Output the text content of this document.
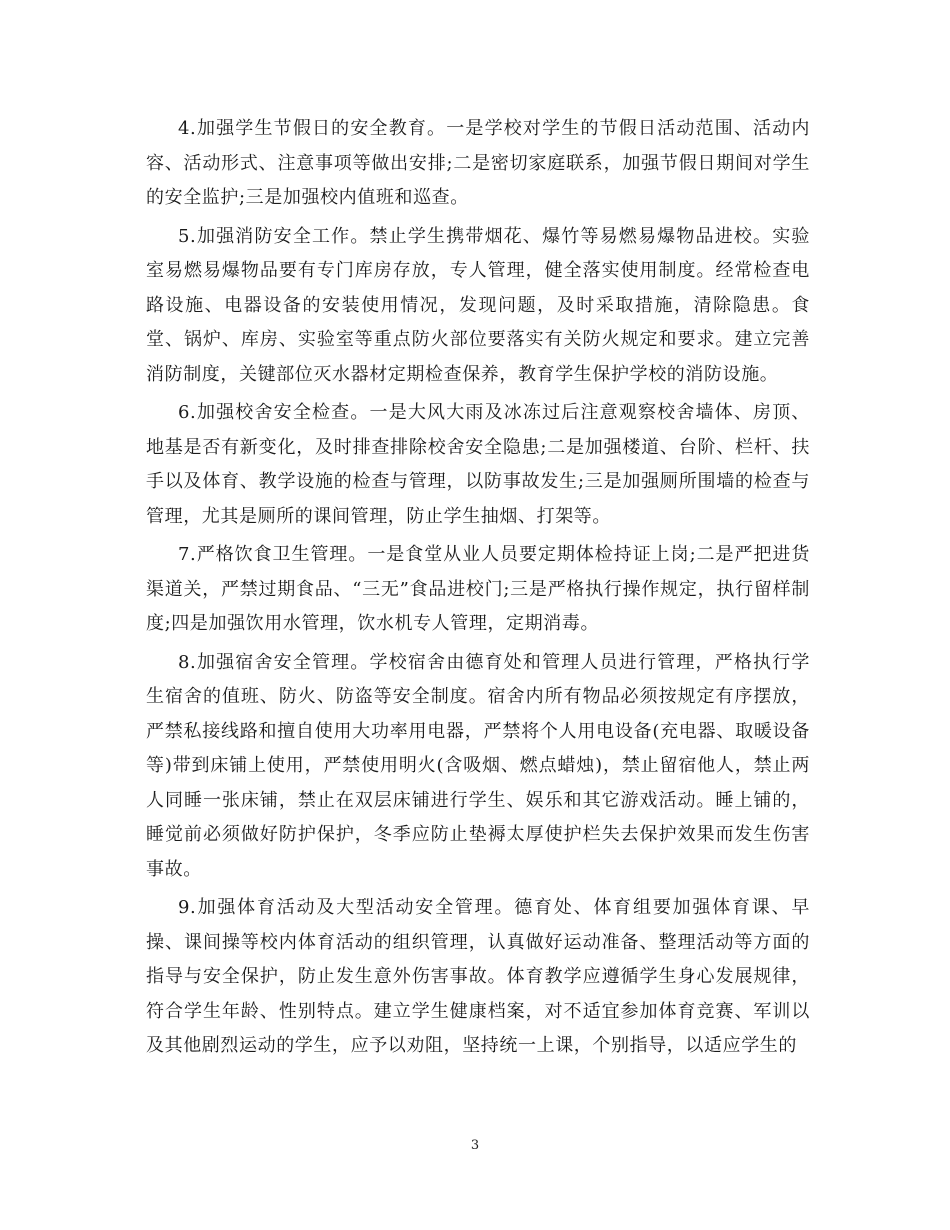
4.加强学生节假日的安全教育。一是学校对学生的节假日活动范围、活动内容、活动形式、注意事项等做出安排;二是密切家庭联系，加强节假日期间对学生的安全监护;三是加强校内值班和巡查。

5.加强消防安全工作。禁止学生携带烟花、爆竹等易燃易爆物品进校。实验室易燃易爆物品要有专门库房存放，专人管理，健全落实使用制度。经常检查电路设施、电器设备的安装使用情况，发现问题，及时采取措施，清除隐患。食堂、锅炉、库房、实验室等重点防火部位要落实有关防火规定和要求。建立完善消防制度，关键部位灭水器材定期检查保养，教育学生保护学校的消防设施。

6.加强校舍安全检查。一是大风大雨及冰冻过后注意观察校舍墙体、房顶、地基是否有新变化，及时排查排除校舍安全隐患;二是加强楼道、台阶、栏杆、扶手以及体育、教学设施的检查与管理，以防事故发生;三是加强厕所围墙的检查与管理，尤其是厕所的课间管理，防止学生抽烟、打架等。

7.严格饮食卫生管理。一是食堂从业人员要定期体检持证上岗;二是严把进货渠道关，严禁过期食品、“三无”食品进校门;三是严格执行操作规定，执行留样制度;四是加强饮用水管理，饮水机专人管理，定期消毒。

8.加强宿舍安全管理。学校宿舍由德育处和管理人员进行管理，严格执行学生宿舍的值班、防火、防盗等安全制度。宿舍内所有物品必须按规定有序摆放，严禁私接线路和擅自使用大功率用电器，严禁将个人用电设备(充电器、取暖设备等)带到床铺上使用，严禁使用明火(含吸烟、燃点蜡烛)，禁止留宿他人，禁止两人同睡一张床铺，禁止在双层床铺进行学生、娱乐和其它游戏活动。睡上铺的，睡觉前必须做好防护保护，冬季应防止垫褥太厚使护栏失去保护效果而发生伤害事故。

9.加强体育活动及大型活动安全管理。德育处、体育组要加强体育课、早操、课间操等校内体育活动的组织管理，认真做好运动准备、整理活动等方面的指导与安全保护，防止发生意外伤害事故。体育教学应遵循学生身心发展规律，符合学生年龄、性别特点。建立学生健康档案，对不适宜参加体育竞赛、军训以及其他剧烈运动的学生，应予以劝阻，坚持统一上课，个别指导，以适应学生的

3
